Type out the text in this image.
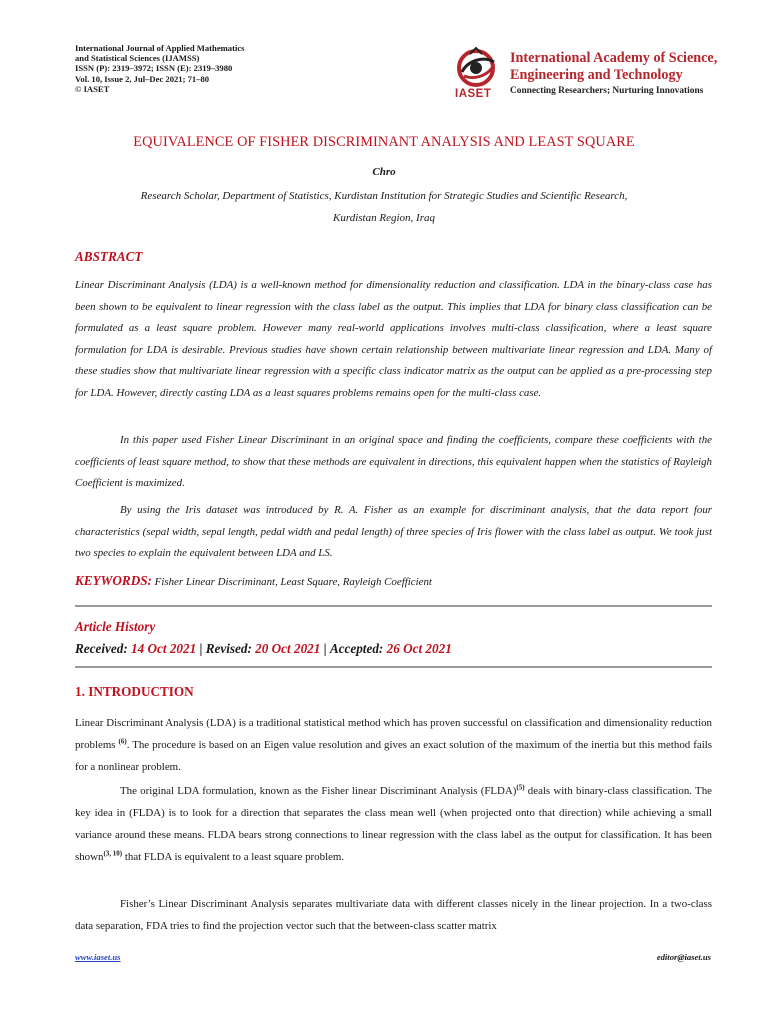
International Journal of Applied Mathematics
and Statistical Sciences (IJAMSS)
ISSN (P): 2319–3972; ISSN (E): 2319–3980
Vol. 10, Issue 2, Jul–Dec 2021; 71–80
© IASET	IASET
International Academy of Science,
Engineering and Technology
Connecting Researchers; Nurturing Innovations
EQUIVALENCE OF FISHER DISCRIMINANT ANALYSIS AND LEAST SQUARE
Chro
Research Scholar, Department of Statistics, Kurdistan Institution for Strategic Studies and Scientific Research,
Kurdistan Region, Iraq
ABSTRACT

Linear Discriminant Analysis (LDA) is a well-known method for dimensionality reduction and classification. LDA in the binary-class case has been shown to be equivalent to linear regression with the class label as the output. This implies that LDA for binary class classification can be formulated as a least square problem. However many real-world applications involves multi-class classification, where a least square formulation for LDA is desirable. Previous studies have shown certain relationship between multivariate linear regression and LDA. Many of these studies show that multivariate linear regression with a specific class indicator matrix as the output can be applied as a pre-processing step for LDA. However, directly casting LDA as a least squares problems remains open for the multi-class case.

In this paper used Fisher Linear Discriminant in an original space and finding the coefficients, compare these coefficients with the coefficients of least square method, to show that these methods are equivalent in directions, this equivalent happen when the statistics of Rayleigh Coefficient is maximized.

By using the Iris dataset was introduced by R. A. Fisher as an example for discriminant analysis, that the data report four characteristics (sepal width, sepal length, pedal width and pedal length) of three species of Iris flower with the class label as output. We took just two species to explain the equivalent between LDA and LS.

KEYWORDS: Fisher Linear Discriminant, Least Square, Rayleigh Coefficient
Article History
Received: 14 Oct 2021 | Revised: 20 Oct 2021 | Accepted: 26 Oct 2021
1. INTRODUCTION

Linear Discriminant Analysis (LDA) is a traditional statistical method which has proven successful on classification and dimensionality reduction problems $^{(6)}$. The procedure is based on an Eigen value resolution and gives an exact solution of the maximum of the inertia but this method fails for a nonlinear problem.

The original LDA formulation, known as the Fisher linear Discriminant Analysis (FLDA)$^{(5)}$ deals with binary-class classification. The key idea in (FLDA) is to look for a direction that separates the class mean well (when projected onto that direction) while achieving a small variance around these means. FLDA bears strong connections to linear regression with the class label as the output for classification. It has been shown$^{(3, 10)}$ that FLDA is equivalent to a least square problem.

Fisher’s Linear Discriminant Analysis separates multivariate data with different classes nicely in the linear projection. In a two-class data separation, FDA tries to find the projection vector such that the between-class scatter matrix

www.iaset.us	editor@iaset.us
